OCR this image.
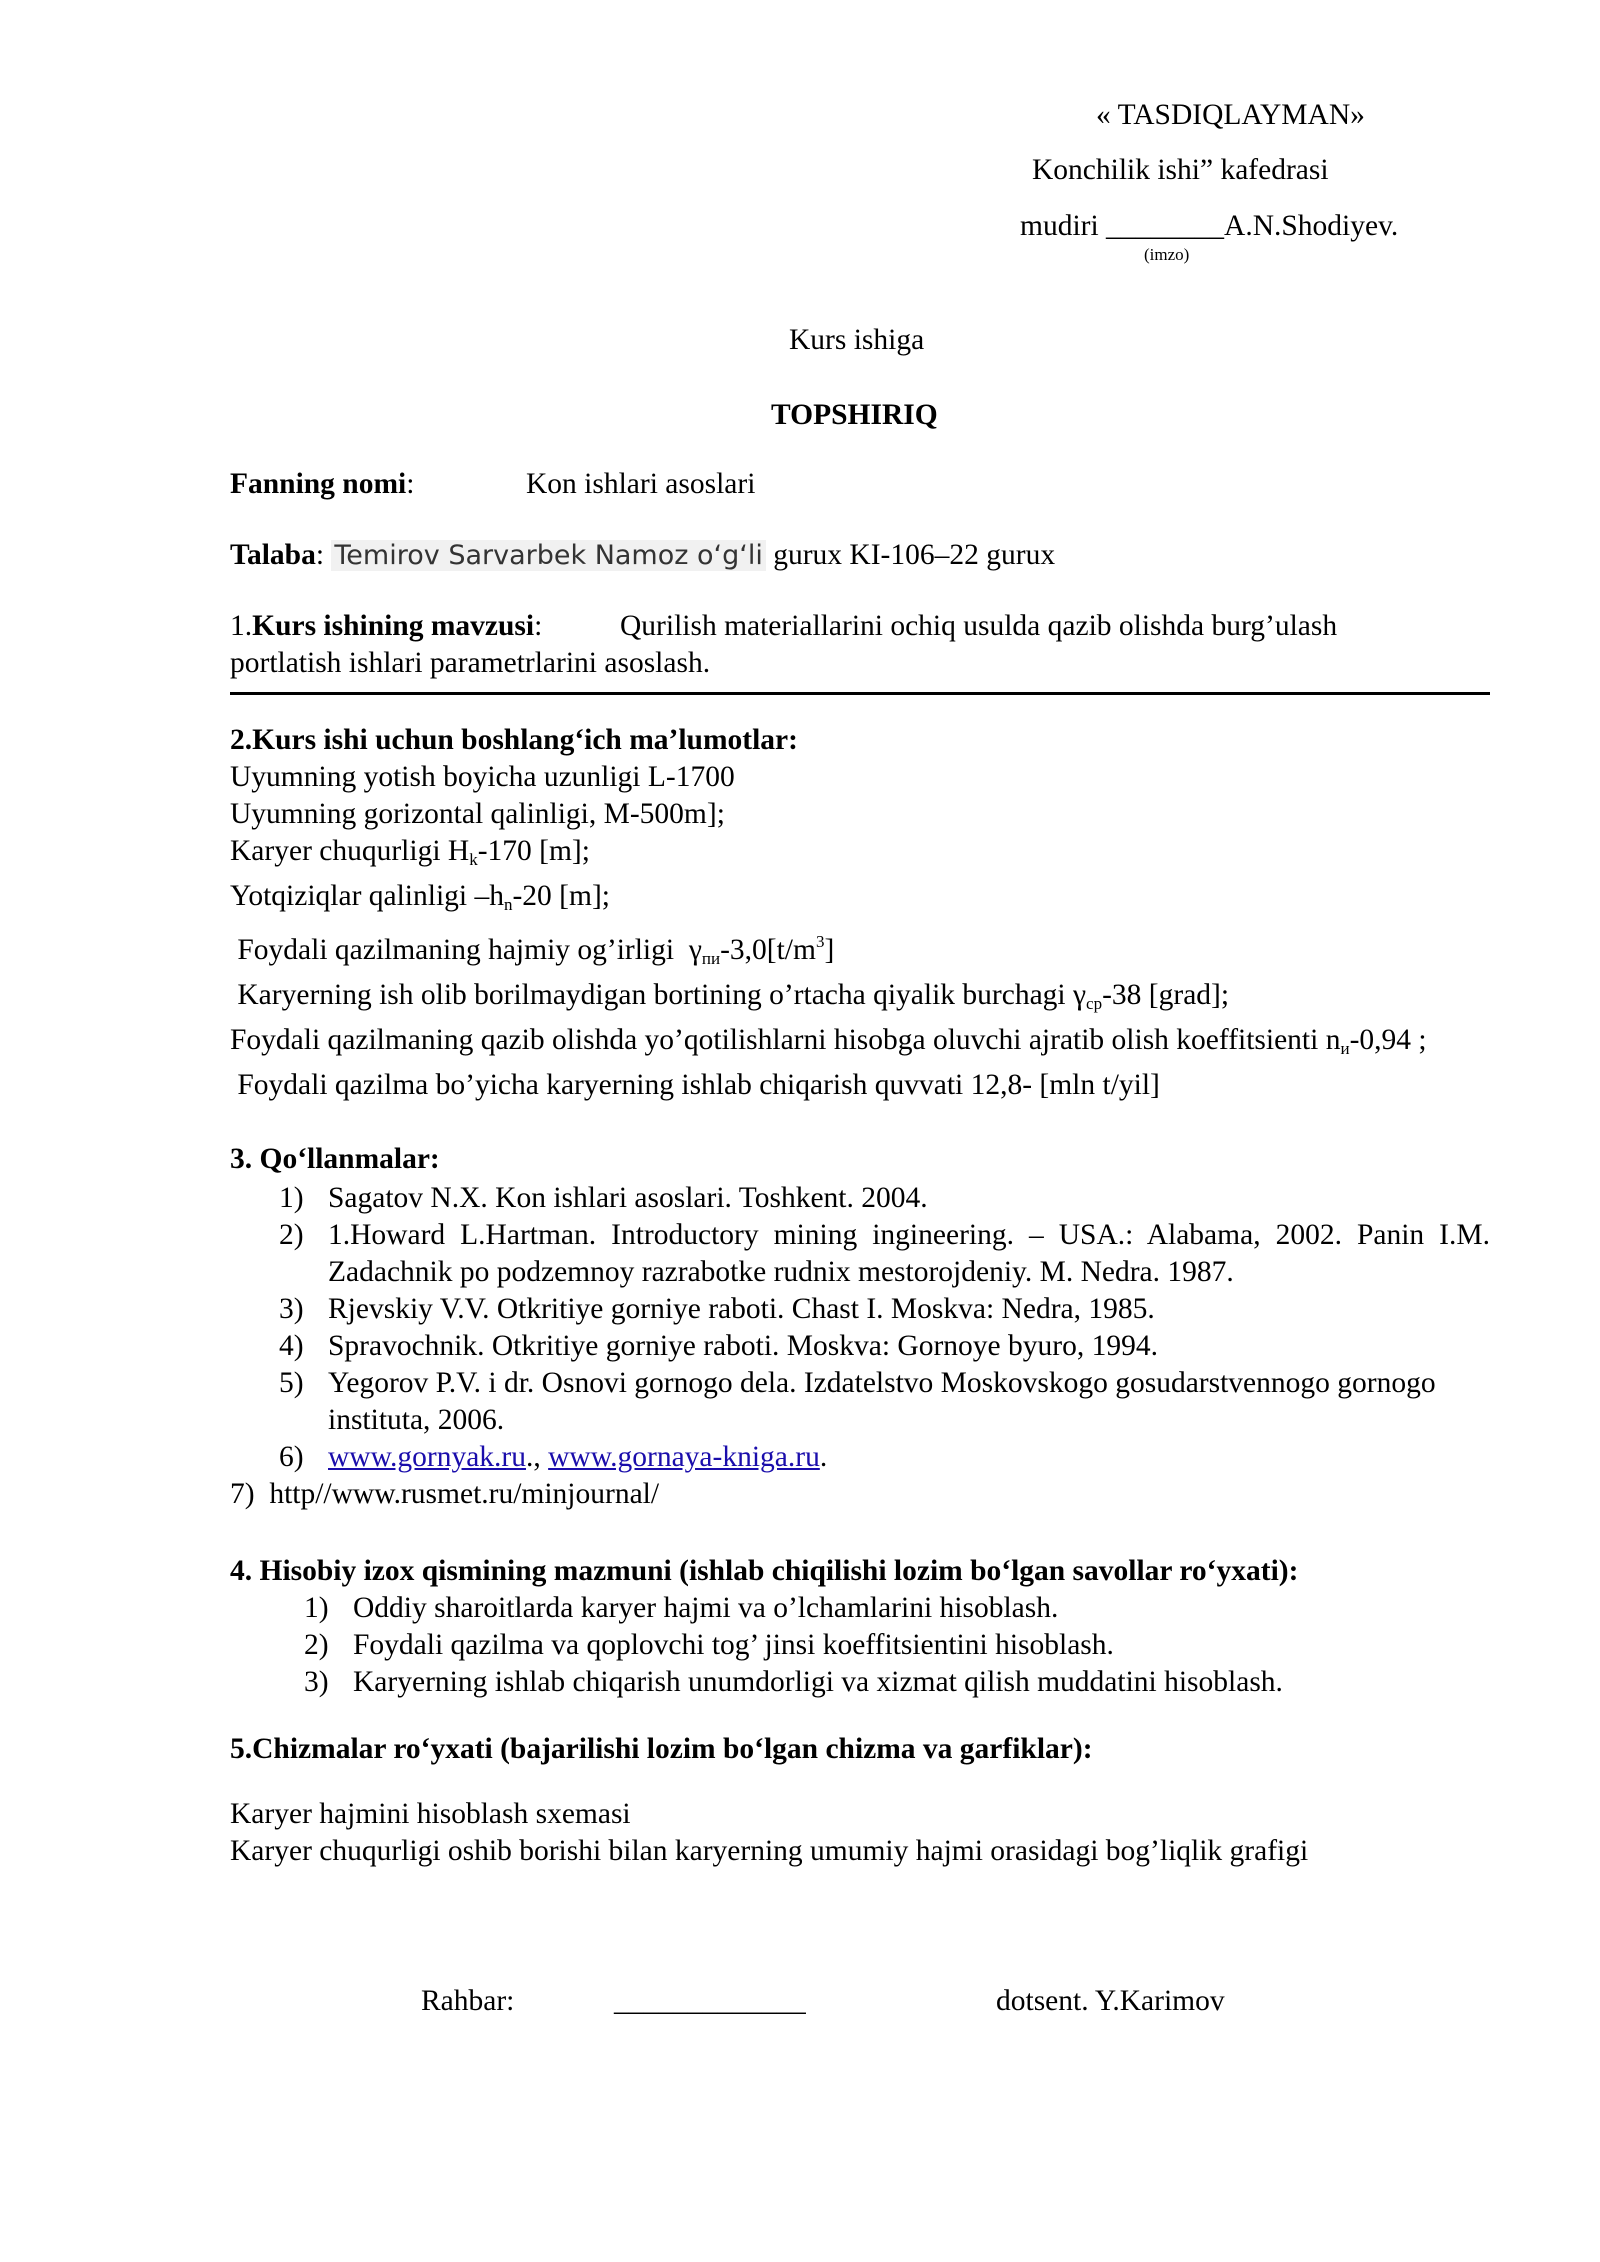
« TASDIQLAYMAN»
Konchilik ishi” kafedrasi
mudiri ________A.N.Shodiyev.
(imzo)
Kurs ishiga
TOPSHIRIQ
Fanning nomi:	Kon ishlari asoslari
Talaba: Temirov Sarvarbek Namoz o‘g‘li gurux KI-106–22 gurux
1.Kurs ishining mavzusi:	Qurilish materiallarini ochiq usulda qazib olishda burg’ulash
portlatish ishlari parametrlarini asoslash.
2.Kurs ishi uchun boshlang‘ich ma’lumotlar:
Uyumning yotish boyicha uzunligi L-1700
Uyumning gorizontal qalinligi, M-500m];
Karyer chuqurligi $H_k-170$ [m];
Yotqiziqlar qalinligi $-h_n-20$ [m];
Foydali qazilmaning hajmiy og’irligi  $\gamma_{пи}-3,0[t/m^3]$
Karyerning ish olib borilmaydigan bortining o’rtacha qiyalik burchagi $\gamma_{ср}-38$ [grad];
Foydali qazilmaning qazib olishda yo’qotilishlarni hisobga oluvchi ajratib olish koeffitsienti $n_и-0,94$ ;
Foydali qazilma bo’yicha karyerning ishlab chiqarish quvvati 12,8- [mln t/yil]
3. Qo‘llanmalar:
1) Sagatov N.X. Kon ishlari asoslari. Toshkent. 2004.
2) 1.Howard L.Hartman. Introductory mining ingineering. – USA.: Alabama, 2002. Panin I.M. Zadachnik po podzemnoy razrabotke rudnix mestorojdeniy. M. Nedra. 1987.
3) Rjevskiy V.V. Otkritiye gorniye raboti. Chast I. Moskva: Nedra, 1985.
4) Spravochnik. Otkritiye gorniye raboti. Moskva: Gornoye byuro, 1994.
5) Yegorov P.V. i dr. Osnovi gornogo dela. Izdatelstvo Moskovskogo gosudarstvennogo gornogo instituta, 2006.
6) www.gornyak.ru., www.gornaya-kniga.ru.
7) http//www.rusmet.ru/minjournal/
4. Hisobiy izox qismining mazmuni (ishlab chiqilishi lozim bo‘lgan savollar ro‘yxati):
1) Oddiy sharoitlarda karyer hajmi va o’lchamlarini hisoblash.
2) Foydali qazilma va qoplovchi tog’ jinsi koeffitsientini hisoblash.
3) Karyerning ishlab chiqarish unumdorligi va xizmat qilish muddatini hisoblash.
5.Chizmalar ro‘yxati (bajarilishi lozim bo‘lgan chizma va garfiklar):
Karyer hajmini hisoblash sxemasi
Karyer chuqurligi oshib borishi bilan karyerning umumiy hajmi orasidagi bog’liqlik grafigi
Rahbar:	_____________	dotsent. Y.Karimov
